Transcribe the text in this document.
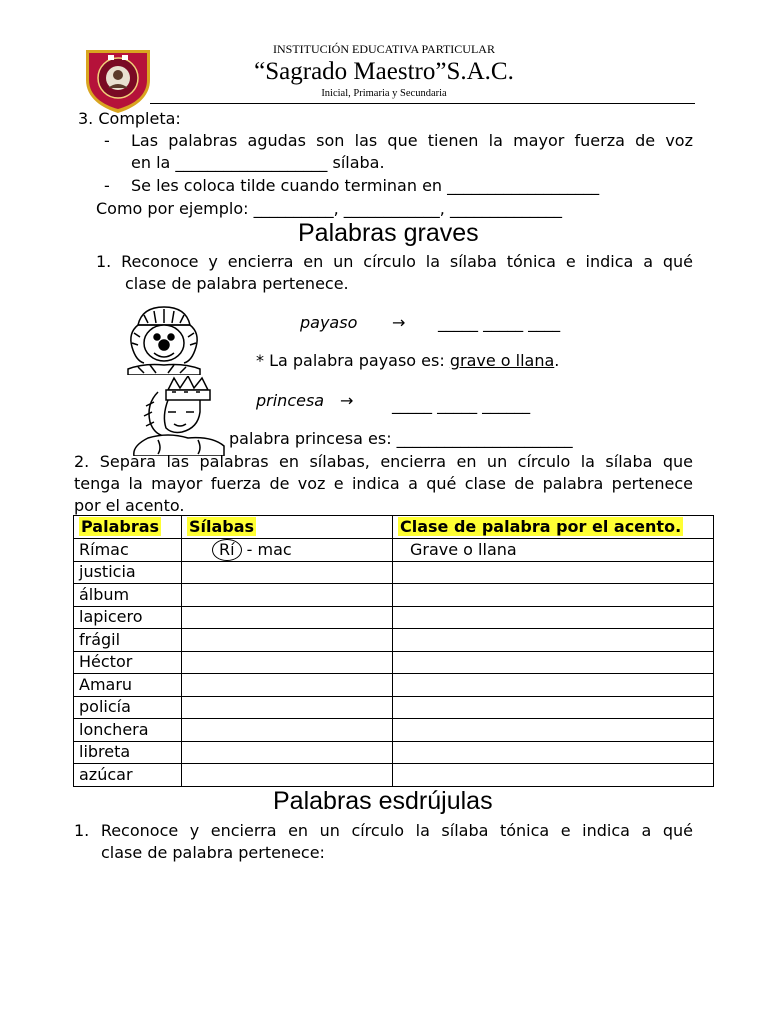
INSTITUCIÓN EDUCATIVA PARTICULAR
“Sagrado Maestro”S.A.C.
Inicial, Primaria y Secundaria
3. Completa:
- Las palabras agudas son las que tienen la mayor fuerza de voz
en la ___________________ sílaba.
- Se les coloca tilde cuando terminan en ___________________
Como por ejemplo: __________, ____________, ______________
Palabras graves
1. Reconoce y encierra en un círculo la sílaba tónica e indica a qué
clase de palabra pertenece.
payaso → _____ _____ ____
* La palabra payaso es: grave o llana.
princesa → _____ _____ ______
palabra princesa es: ______________________
2. Separa las palabras en sílabas, encierra en un círculo la sílaba que
tenga la mayor fuerza de voz e indica a qué clase de palabra pertenece
por el acento.
Palabras	Sílabas	Clase de palabra por el acento.
Rímac	Rí - mac	Grave o llana
justicia		
álbum		
lapicero		
frágil		
Héctor		
Amaru		
policía		
lonchera		
libreta		
azúcar		
Palabras esdrújulas
1. Reconoce y encierra en un círculo la sílaba tónica e indica a qué
clase de palabra pertenece:
